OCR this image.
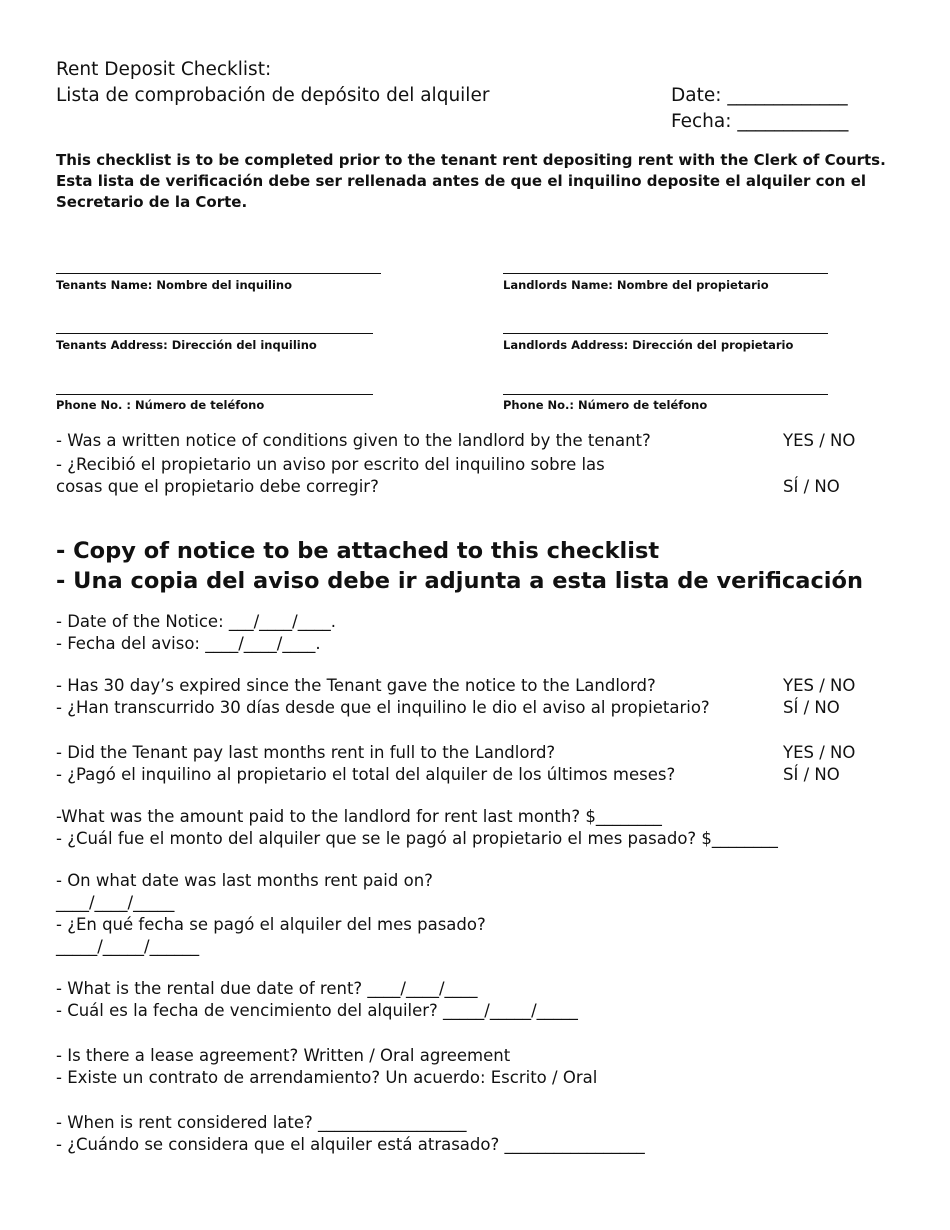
Rent Deposit Checklist:
Lista de comprobación de depósito del alquiler	Date: _____________
Fecha: ____________
This checklist is to be completed prior to the tenant rent depositing rent with the Clerk of Courts.
Esta lista de verificación debe ser rellenada antes de que el inquilino deposite el alquiler con el
Secretario de la Corte.
Tenants Name: Nombre del inquilino	Landlords Name: Nombre del propietario
Tenants Address: Dirección del inquilino	Landlords Address: Dirección del propietario
Phone No. : Número de teléfono	Phone No.: Número de teléfono
- Was a written notice of conditions given to the landlord by the tenant?	YES / NO
- ¿Recibió el propietario un aviso por escrito del inquilino sobre las
cosas que el propietario debe corregir?	SÍ / NO
- Copy of notice to be attached to this checklist
- Una copia del aviso debe ir adjunta a esta lista de verificación
- Date of the Notice: ___/____/____.
- Fecha del aviso: ____/____/____.
- Has 30 day’s expired since the Tenant gave the notice to the Landlord?	YES / NO
- ¿Han transcurrido 30 días desde que el inquilino le dio el aviso al propietario?	SÍ / NO
- Did the Tenant pay last months rent in full to the Landlord?	YES / NO
- ¿Pagó el inquilino al propietario el total del alquiler de los últimos meses?	SÍ / NO
-What was the amount paid to the landlord for rent last month? $________
- ¿Cuál fue el monto del alquiler que se le pagó al propietario el mes pasado? $________
- On what date was last months rent paid on?
____/____/_____
- ¿En qué fecha se pagó el alquiler del mes pasado?
_____/_____/______
- What is the rental due date of rent? ____/____/____
- Cuál es la fecha de vencimiento del alquiler? _____/_____/_____
- Is there a lease agreement? Written / Oral agreement
- Existe un contrato de arrendamiento? Un acuerdo: Escrito / Oral
- When is rent considered late? __________________
- ¿Cuándo se considera que el alquiler está atrasado? _________________
